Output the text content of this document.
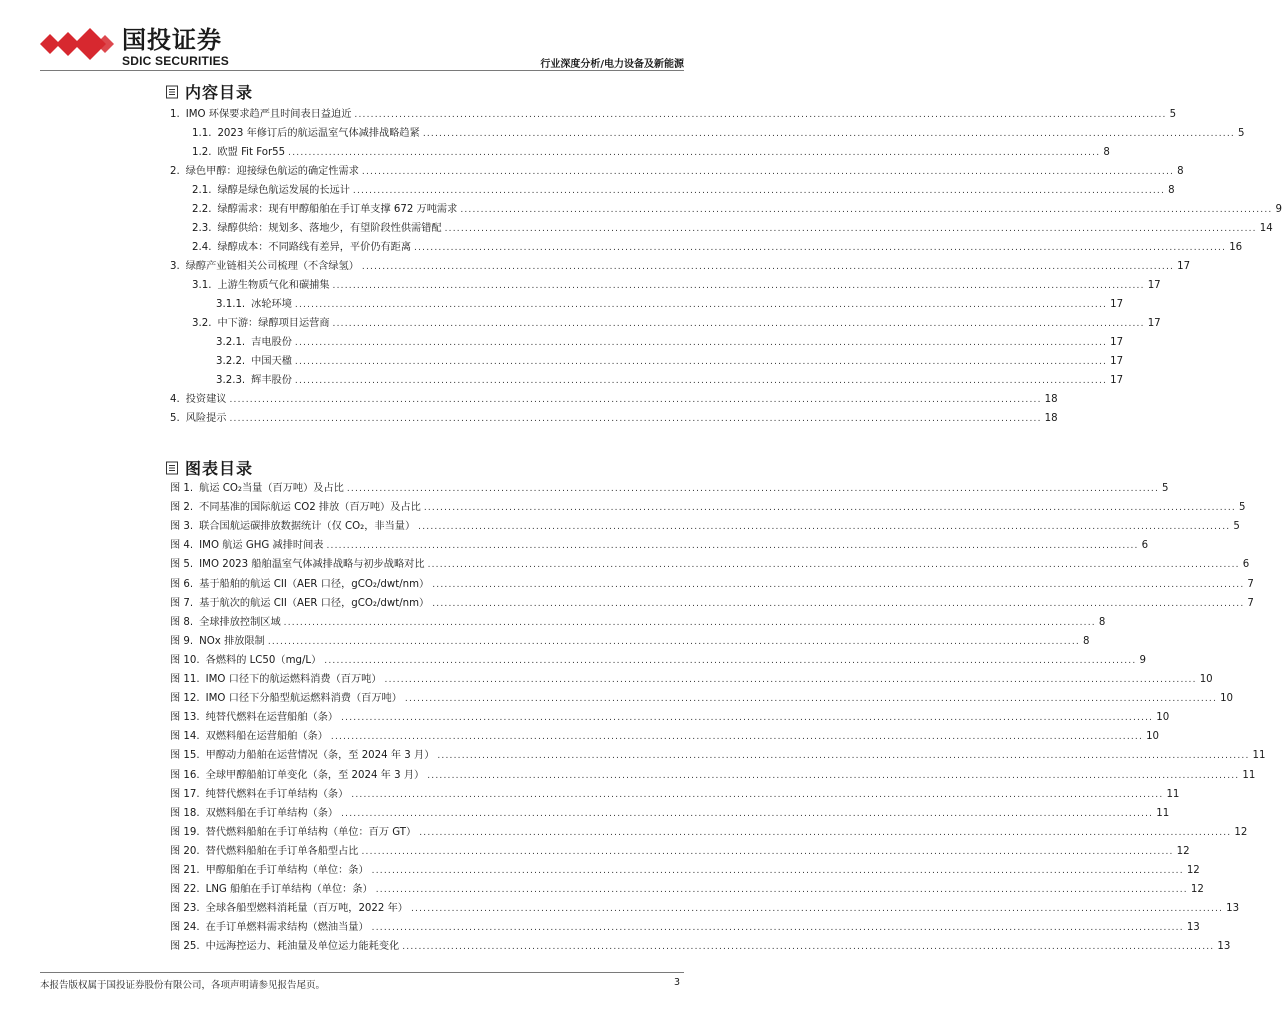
国投证券
SDIC SECURITIES	行业深度分析/电力设备及新能源
内容目录
1. IMO 环保要求趋严且时间表日益迫近 ........................................................................................................................................................................................................ 5
1.1. 2023 年修订后的航运温室气体减排战略趋紧 ........................................................................................................................................................................................................ 5
1.2. 欧盟 Fit For55 ........................................................................................................................................................................................................ 8
2. 绿色甲醇：迎接绿色航运的确定性需求 ........................................................................................................................................................................................................ 8
2.1. 绿醇是绿色航运发展的长远计 ........................................................................................................................................................................................................ 8
2.2. 绿醇需求：现有甲醇船舶在手订单支撑 672 万吨需求 ........................................................................................................................................................................................................ 9
2.3. 绿醇供给：规划多、落地少，有望阶段性供需错配 ........................................................................................................................................................................................................ 14
2.4. 绿醇成本：不同路线有差异，平价仍有距离 ........................................................................................................................................................................................................ 16
3. 绿醇产业链相关公司梳理（不含绿氢） ........................................................................................................................................................................................................ 17
3.1. 上游生物质气化和碳捕集 ........................................................................................................................................................................................................ 17
3.1.1. 冰轮环境 ........................................................................................................................................................................................................ 17
3.2. 中下游：绿醇项目运营商 ........................................................................................................................................................................................................ 17
3.2.1. 吉电股份 ........................................................................................................................................................................................................ 17
3.2.2. 中国天楹 ........................................................................................................................................................................................................ 17
3.2.3. 辉丰股份 ........................................................................................................................................................................................................ 17
4. 投资建议 ........................................................................................................................................................................................................ 18
5. 风险提示 ........................................................................................................................................................................................................ 18
图表目录
图 1. 航运 CO₂当量（百万吨）及占比 ........................................................................................................................................................................................................ 5
图 2. 不同基准的国际航运 CO2 排放（百万吨）及占比 ........................................................................................................................................................................................................ 5
图 3. 联合国航运碳排放数据统计（仅 CO₂，非当量） ........................................................................................................................................................................................................ 5
图 4. IMO 航运 GHG 减排时间表 ........................................................................................................................................................................................................ 6
图 5. IMO 2023 船舶温室气体减排战略与初步战略对比 ........................................................................................................................................................................................................ 6
图 6. 基于船舶的航运 CII（AER 口径，gCO₂/dwt/nm） ........................................................................................................................................................................................................ 7
图 7. 基于航次的航运 CII（AER 口径，gCO₂/dwt/nm） ........................................................................................................................................................................................................ 7
图 8. 全球排放控制区域 ........................................................................................................................................................................................................ 8
图 9. NOx 排放限制 ........................................................................................................................................................................................................ 8
图 10. 各燃料的 LC50（mg/L） ........................................................................................................................................................................................................ 9
图 11. IMO 口径下的航运燃料消费（百万吨） ........................................................................................................................................................................................................ 10
图 12. IMO 口径下分船型航运燃料消费（百万吨） ........................................................................................................................................................................................................ 10
图 13. 纯替代燃料在运营船舶（条） ........................................................................................................................................................................................................ 10
图 14. 双燃料船在运营船舶（条） ........................................................................................................................................................................................................ 10
图 15. 甲醇动力船舶在运营情况（条，至 2024 年 3 月） ........................................................................................................................................................................................................ 11
图 16. 全球甲醇船舶订单变化（条，至 2024 年 3 月） ........................................................................................................................................................................................................ 11
图 17. 纯替代燃料在手订单结构（条） ........................................................................................................................................................................................................ 11
图 18. 双燃料船在手订单结构（条） ........................................................................................................................................................................................................ 11
图 19. 替代燃料船舶在手订单结构（单位：百万 GT） ........................................................................................................................................................................................................ 12
图 20. 替代燃料船舶在手订单各船型占比 ........................................................................................................................................................................................................ 12
图 21. 甲醇船舶在手订单结构（单位：条） ........................................................................................................................................................................................................ 12
图 22. LNG 船舶在手订单结构（单位：条） ........................................................................................................................................................................................................ 12
图 23. 全球各船型燃料消耗量（百万吨，2022 年） ........................................................................................................................................................................................................ 13
图 24. 在手订单燃料需求结构（燃油当量） ........................................................................................................................................................................................................ 13
图 25. 中远海控运力、耗油量及单位运力能耗变化 ........................................................................................................................................................................................................ 13
本报告版权属于国投证券股份有限公司，各项声明请参见报告尾页。	3
